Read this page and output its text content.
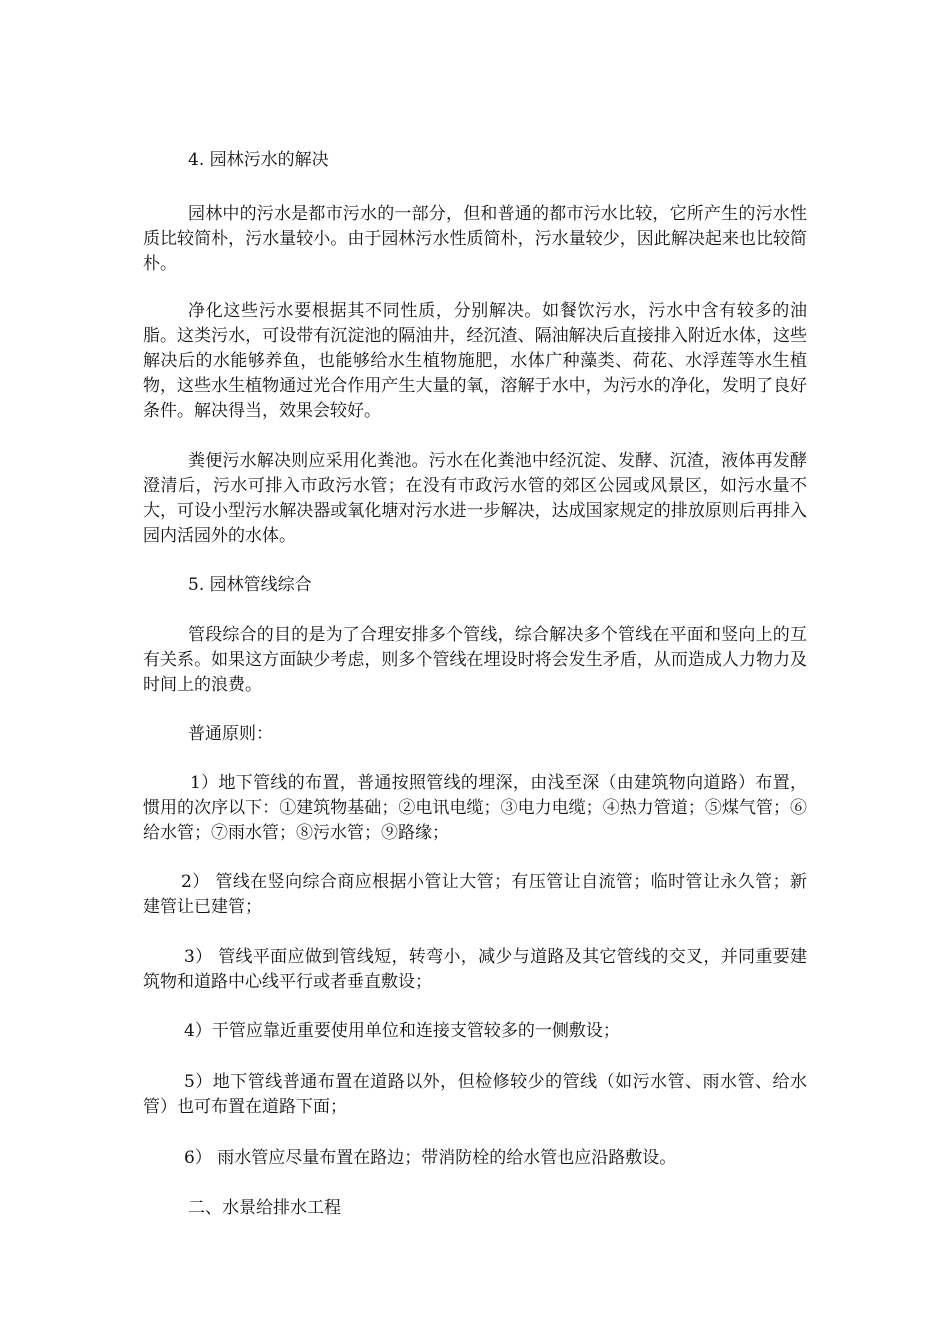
4. 园林污水的解决

园林中的污水是都市污水的一部分，但和普通的都市污水比较，它所产生的污水性质比较简朴，污水量较小。由于园林污水性质简朴，污水量较少，因此解决起来也比较简朴。

净化这些污水要根据其不同性质，分别解决。如餐饮污水，污水中含有较多的油脂。这类污水，可设带有沉淀池的隔油井，经沉渣、隔油解决后直接排入附近水体，这些解决后的水能够养鱼，也能够给水生植物施肥，水体广种藻类、荷花、水浮莲等水生植物，这些水生植物通过光合作用产生大量的氧，溶解于水中，为污水的净化，发明了良好条件。解决得当，效果会较好。

粪便污水解决则应采用化粪池。污水在化粪池中经沉淀、发酵、沉渣，液体再发酵澄清后，污水可排入市政污水管；在没有市政污水管的郊区公园或风景区，如污水量不大，可设小型污水解决器或氧化塘对污水进一步解决，达成国家规定的排放原则后再排入园内活园外的水体。

5. 园林管线综合

管段综合的目的是为了合理安排多个管线，综合解决多个管线在平面和竖向上的互有关系。如果这方面缺少考虑，则多个管线在埋设时将会发生矛盾，从而造成人力物力及时间上的浪费。

普通原则：

1）地下管线的布置，普通按照管线的埋深，由浅至深（由建筑物向道路）布置，惯用的次序以下：①建筑物基础；②电讯电缆；③电力电缆；④热力管道；⑤煤气管；⑥给水管；⑦雨水管；⑧污水管；⑨路缘；

2） 管线在竖向综合商应根据小管让大管；有压管让自流管；临时管让永久管；新建管让已建管；

3） 管线平面应做到管线短，转弯小，减少与道路及其它管线的交叉，并同重要建筑物和道路中心线平行或者垂直敷设；

4）干管应靠近重要使用单位和连接支管较多的一侧敷设；

5）地下管线普通布置在道路以外，但检修较少的管线（如污水管、雨水管、给水管）也可布置在道路下面；

6） 雨水管应尽量布置在路边；带消防栓的给水管也应沿路敷设。

二、水景给排水工程
